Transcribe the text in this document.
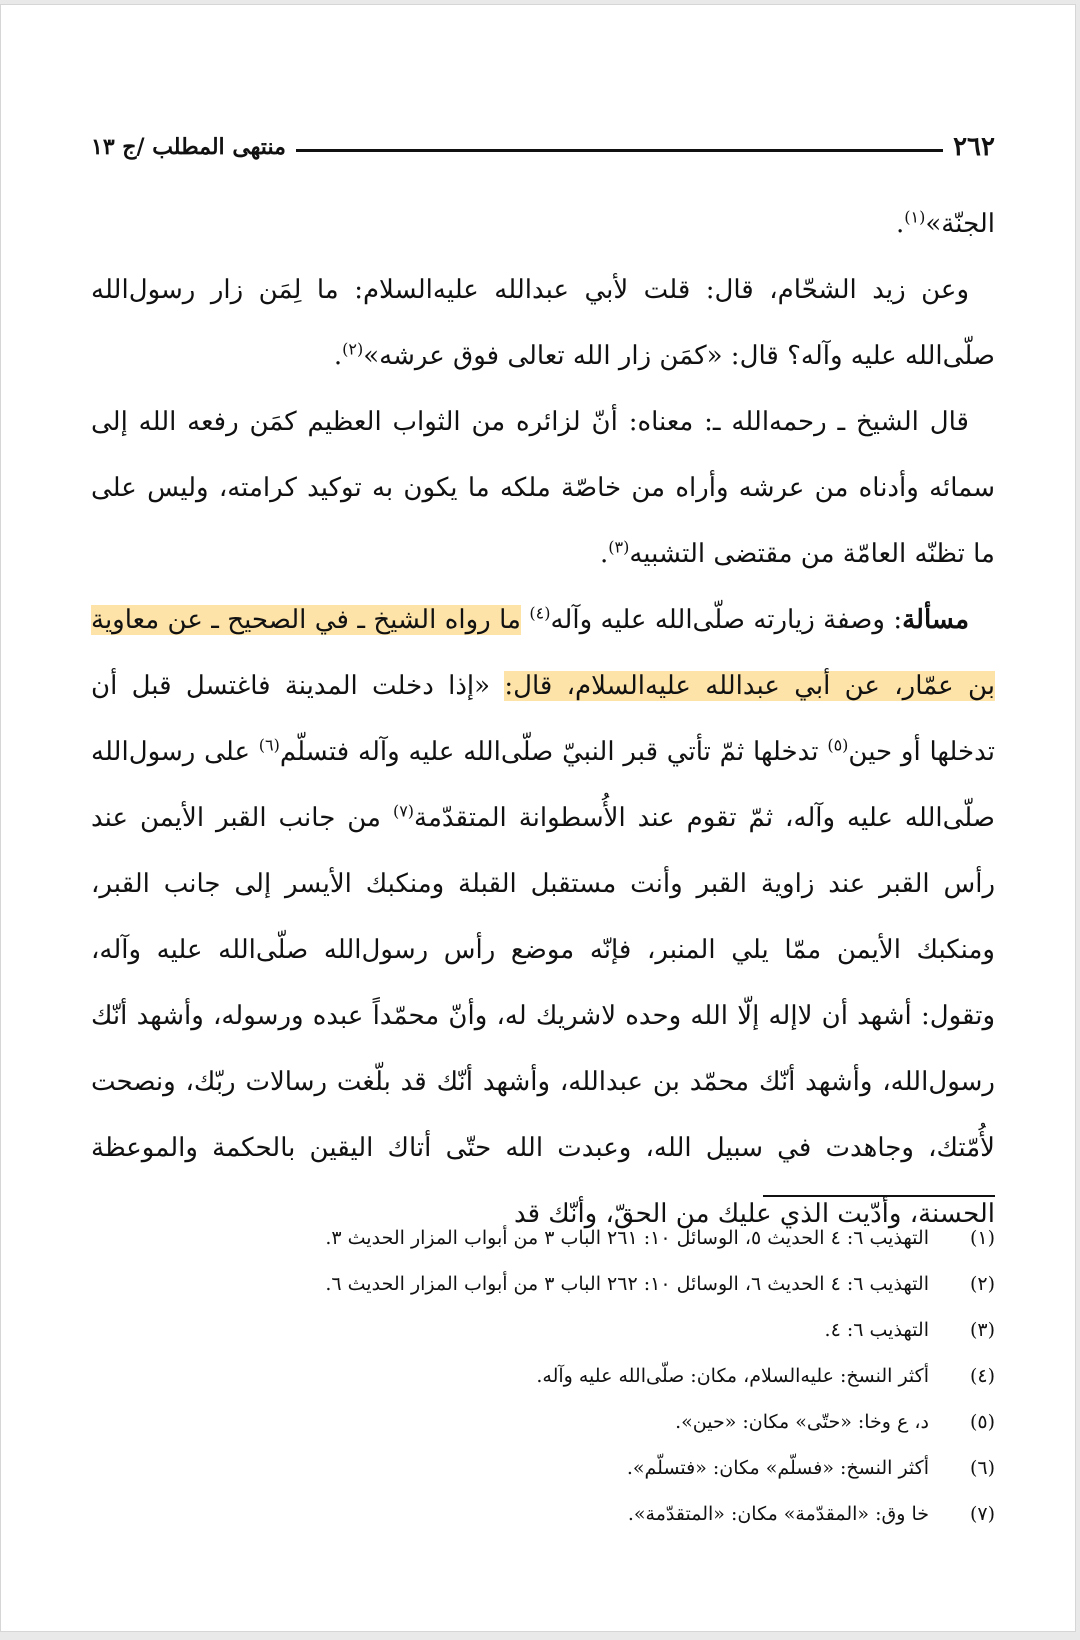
٢٦٢
منتهى المطلب /ج ١٣

الجنّة»$^{(١)}$.

وعن زيد الشحّام، قال: قلت لأبي عبدالله عليه‌السلام: ما لِمَن زار رسول‌الله صلّى‌الله عليه وآله؟ قال: «كمَن زار الله تعالى فوق عرشه»$^{(٢)}$.

قال الشيخ ـ رحمه‌الله ـ: معناه: أنّ لزائره من الثواب العظيم كمَن رفعه الله إلى سمائه وأدناه من عرشه وأراه من خاصّة ملكه ما يكون به توكيد كرامته، وليس على ما تظنّه العامّة من مقتضى التشبيه$^{(٣)}$.

مسألة: وصفة زيارته صلّى‌الله عليه وآله$^{(٤)}$ ما رواه الشيخ ـ في الصحيح ـ عن معاوية بن عمّار، عن أبي عبدالله عليه‌السلام، قال: «إذا دخلت المدينة فاغتسل قبل أن تدخلها أو حين$^{(٥)}$ تدخلها ثمّ تأتي قبر النبيّ صلّى‌الله عليه وآله فتسلّم$^{(٦)}$ على رسول‌الله صلّى‌الله عليه وآله، ثمّ تقوم عند الأُسطوانة المتقدّمة$^{(٧)}$ من جانب القبر الأيمن عند رأس القبر عند زاوية القبر وأنت مستقبل القبلة ومنكبك الأيسر إلى جانب القبر، ومنكبك الأيمن ممّا يلي المنبر، فإنّه موضع رأس رسول‌الله صلّى‌الله عليه وآله، وتقول: أشهد أن لاإله إلّا الله وحده لاشريك له، وأنّ محمّداً عبده ورسوله، وأشهد أنّك رسول‌الله، وأشهد أنّك محمّد بن عبدالله، وأشهد أنّك قد بلّغت رسالات ربّك، ونصحت لأُمّتك، وجاهدت في سبيل الله، وعبدت الله حتّى أتاك اليقين بالحكمة والموعظة الحسنة، وأدّيت الذي عليك من الحقّ، وأنّك قد

(١)
التهذيب ٦: ٤ الحديث ٥، الوسائل ١٠: ٢٦١ الباب ٣ من أبواب المزار الحديث ٣.
(٢)
التهذيب ٦: ٤ الحديث ٦، الوسائل ١٠: ٢٦٢ الباب ٣ من أبواب المزار الحديث ٦.
(٣)
التهذيب ٦: ٤.
(٤)
أكثر النسخ: عليه‌السلام، مكان: صلّى‌الله عليه وآله.
(٥)
د، ع وخا: «حتّى» مكان: «حين».
(٦)
أكثر النسخ: «فسلّم» مكان: «فتسلّم».
(٧)
خا وق: «المقدّمة» مكان: «المتقدّمة».
